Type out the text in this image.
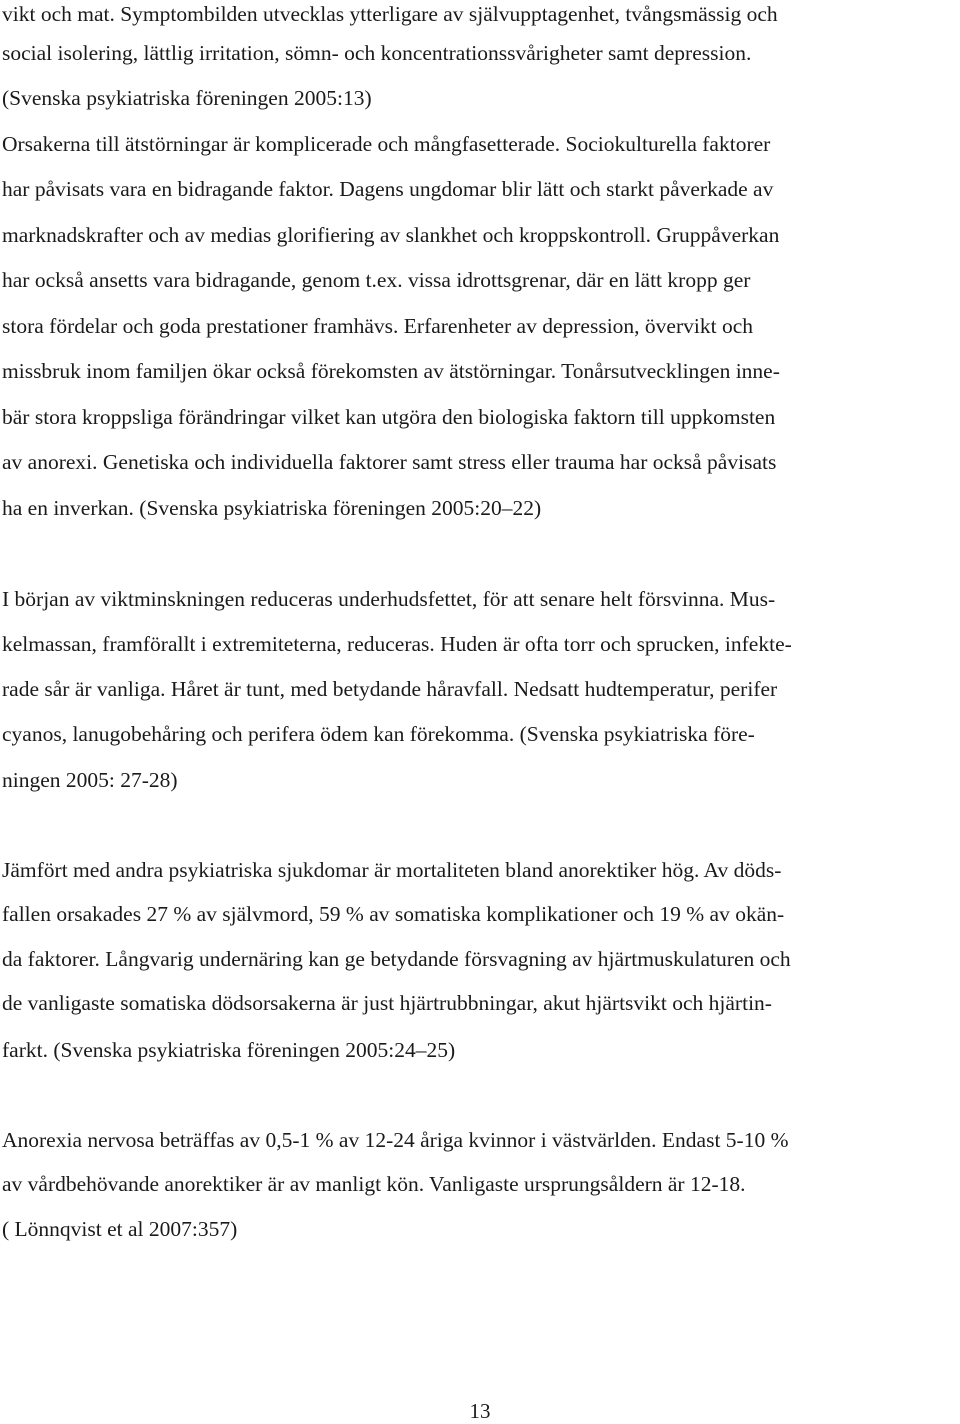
vikt och mat. Symptombilden utvecklas ytterligare av självupptagenhet, tvångsmässig och
social isolering, lättlig irritation, sömn- och koncentrationssvårigheter samt depression.
(Svenska psykiatriska föreningen 2005:13)
Orsakerna till ätstörningar är komplicerade och mångfasetterade. Sociokulturella faktorer
har påvisats vara en bidragande faktor. Dagens ungdomar blir lätt och starkt påverkade av
marknadskrafter och av medias glorifiering av slankhet och kroppskontroll. Gruppåverkan
har också ansetts vara bidragande, genom t.ex. vissa idrottsgrenar, där en lätt kropp ger
stora fördelar och goda prestationer framhävs. Erfarenheter av depression, övervikt och
missbruk inom familjen ökar också förekomsten av ätstörningar. Tonårsutvecklingen inne-
bär stora kroppsliga förändringar vilket kan utgöra den biologiska faktorn till uppkomsten
av anorexi. Genetiska och individuella faktorer samt stress eller trauma har också påvisats
ha en inverkan. (Svenska psykiatriska föreningen 2005:20–22)
I början av viktminskningen reduceras underhudsfettet, för att senare helt försvinna. Mus-
kelmassan, framförallt i extremiteterna, reduceras. Huden är ofta torr och sprucken, infekte-
rade sår är vanliga. Håret är tunt, med betydande håravfall. Nedsatt hudtemperatur, perifer
cyanos, lanugobehåring och perifera ödem kan förekomma. (Svenska psykiatriska före-
ningen 2005: 27-28)
Jämfört med andra psykiatriska sjukdomar är mortaliteten bland anorektiker hög. Av döds-
fallen orsakades 27 % av självmord, 59 % av somatiska komplikationer och 19 % av okän-
da faktorer. Långvarig undernäring kan ge betydande försvagning av hjärtmuskulaturen och
de vanligaste somatiska dödsorsakerna är just hjärtrubbningar, akut hjärtsvikt och hjärtin-
farkt. (Svenska psykiatriska föreningen 2005:24–25)
Anorexia nervosa beträffas av 0,5-1 % av 12-24 åriga kvinnor i västvärlden. Endast 5-10 %
av vårdbehövande anorektiker är av manligt kön. Vanligaste ursprungsåldern är 12-18.
( Lönnqvist et al 2007:357)
13
